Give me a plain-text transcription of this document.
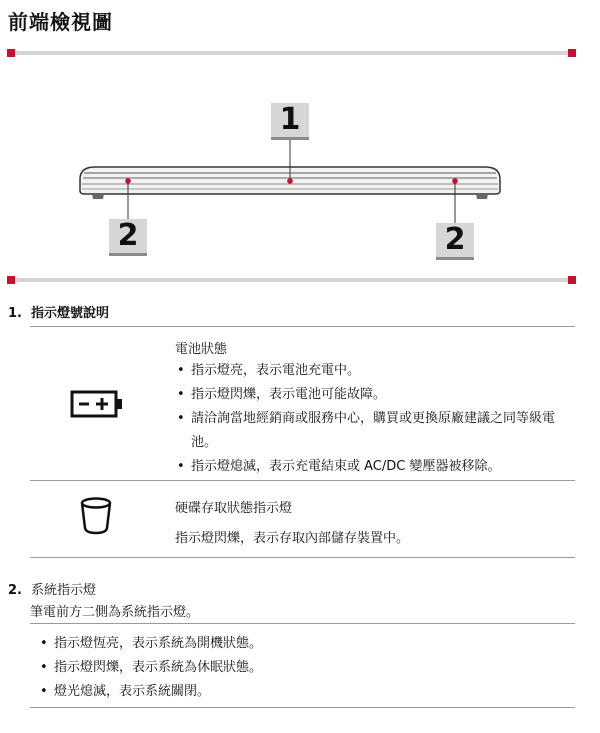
前端檢視圖
1
2	2
1. 指示燈號說明
電池狀態
• 指示燈亮，表示電池充電中。
• 指示燈閃爍，表示電池可能故障。
• 請洽詢當地經銷商或服務中心，購買或更換原廠建議之同等級電池。
• 指示燈熄滅，表示充電結束或 AC/DC 變壓器被移除。
硬碟存取狀態指示燈
指示燈閃爍，表示存取內部儲存裝置中。
2. 系統指示燈
筆電前方二側為系統指示燈。
• 指示燈恆亮，表示系統為開機狀態。
• 指示燈閃爍，表示系統為休眠狀態。
• 燈光熄滅，表示系統關閉。
